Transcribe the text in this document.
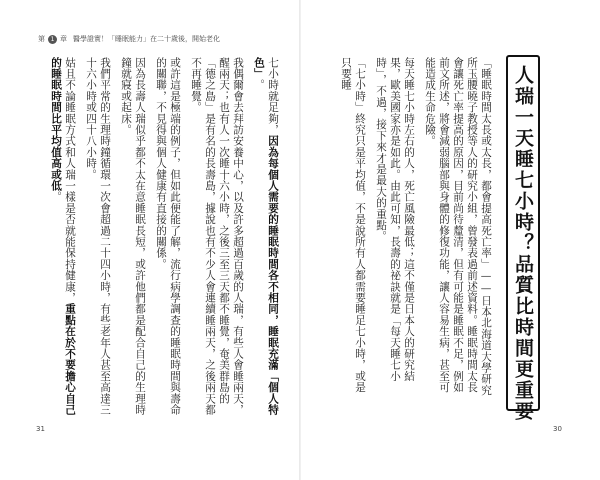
第 1 章 醫學證實！「睡眠能力」在二十歲後，開始老化

七小時就足夠，因為每個人需要的睡眠時間各不相同，睡眠充滿「個人特色」。

我偶爾會去拜訪安養中心，以及許多超過百歲的人瑞，有些人會睡兩天，醒兩天；也有人一次睡十六小時，之後三至三天都不睡覺，奄美群島的「德之島」是有名的長壽島，據說也有不少人會連續睡兩天，之後兩天都不再睡覺。

或許這是極端的例子，但如此便能了解，流行病學調查的睡眠時間與壽命的關聯，不見得與個人健康有直接的關係。

因為長壽人瑞似乎都不太在意睡眠長短，或許他們都是配合自己的生理時鐘就寢或起床。

我們平常的生理時鐘循環一次會超過二十四小時，有些老年人甚至高達三十六小時或四十八小時。

姑且不論睡眠方式和人瑞一樣是否就能保持健康，重點在於不要擔心自己的睡眠時間比平均值高或低。	「睡眠時間太長或太長，都會提高死亡率」——日本北海道大學研究所玉腰曉子教授等人的研究小組，曾發表過前述資料。睡眠時間太長會讓死亡率提高的原因，目前尚待釐清，但有可能是睡眠不足，例如前文所述，將會減弱腦部與身體的修復功能，讓人容易生病，甚至可能造成生命危險。

每天睡七小時左右的人，死亡風險最低；這不僅是日本人的研究結果，歐美國家亦是如此。由此可知，長壽的祕訣就是「每天睡七小時」，不過，接下來才是最大的重點。

「七小時」終究只是平均值，不是說所有人都需要睡足七小時，或是只要睡	人瑞一天睡七小時？品質比時間更重要
31	30
